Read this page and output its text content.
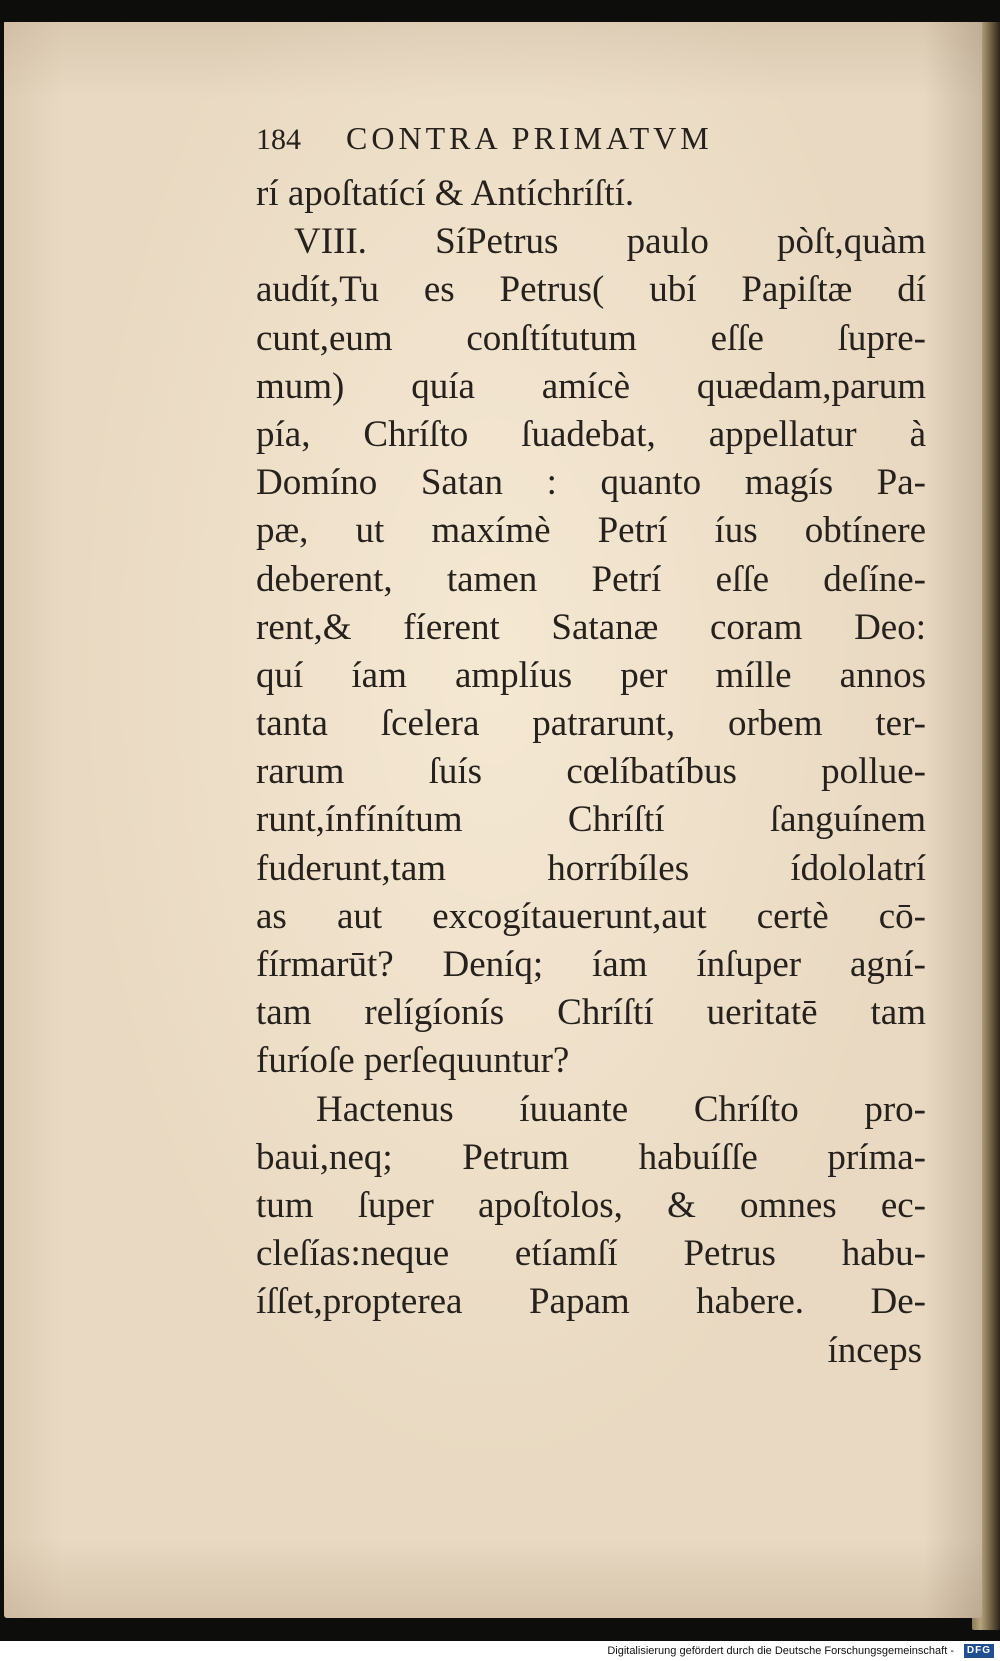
184	CONTRA PRIMATVM
rí apoſtatící & Antíchríſtí.
VIII. SíPetrus paulo pòſt,quàm
audít,Tu es Petrus( ubí Papiſtæ dí
cunt,eum conſtítutum eſſe ſupre-
mum) quía amícè quædam,parum
pía, Chríſto ſuadebat, appellatur à
Domíno Satan : quanto magís Pa-
pæ, ut maxímè Petrí íus obtínere
deberent, tamen Petrí eſſe deſíne-
rent,& fíerent Satanæ coram Deo:
quí íam amplíus per mílle annos
tanta ſcelera patrarunt, orbem ter-
rarum ſuís cœlíbatíbus pollue-
runt,ínfínítum Chríſtí ſanguínem
fuderunt,tam horríbíles ídololatrí
as aut excogítauerunt,aut certè cō-
fírmarūt? Deníq; íam ínſuper agní-
tam relígíonís Chríſtí ueritatē tam
furíoſe perſequuntur?
Hactenus íuuante Chríſto pro-
baui,neq; Petrum habuíſſe príma-
tum ſuper apoſtolos, & omnes ec-
cleſías:neque etíamſí Petrus habu-
íſſet,propterea Papam habere. De-
ínceps
Digitalisierung gefördert durch die Deutsche Forschungsgemeinschaft -	DFG
